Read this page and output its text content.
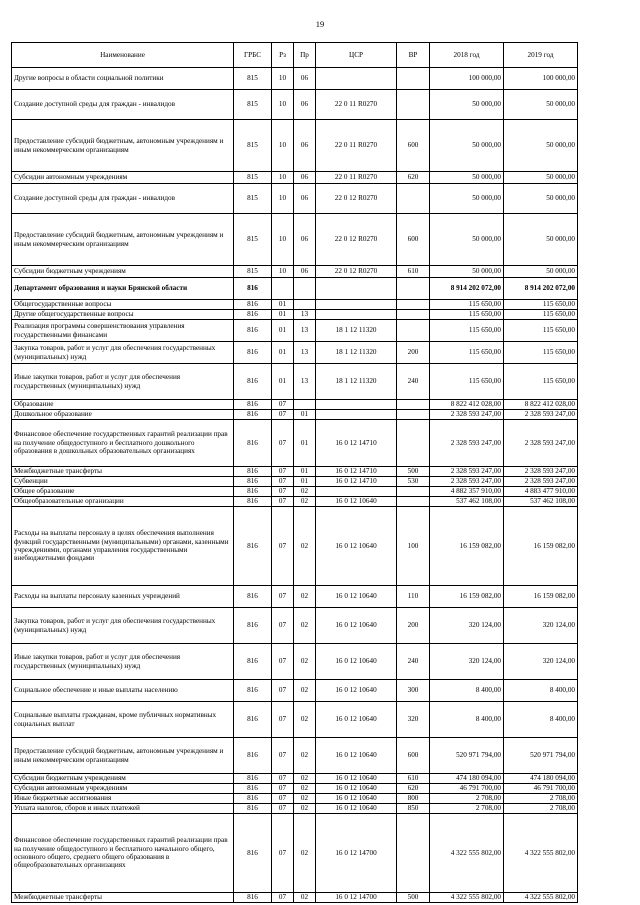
19
Наименование	ГРБС	Рз	Пр	ЦСР	ВР	2018 год	2019 год
Другие вопросы в области социальной политики	815	10	06			100 000,00	100 000,00
Создание доступной среды для граждан - инвалидов	815	10	06	22 0 11 R0270		50 000,00	50 000,00
Предоставление субсидий бюджетным, автономным учреждениям и иным некоммерческим организациям	815	10	06	22 0 11 R0270	600	50 000,00	50 000,00
Субсидии автономным учреждениям	815	10	06	22 0 11 R0270	620	50 000,00	50 000,00
Создание доступной среды для граждан - инвалидов	815	10	06	22 0 12 R0270		50 000,00	50 000,00
Предоставление субсидий бюджетным, автономным учреждениям и иным некоммерческим организациям	815	10	06	22 0 12 R0270	600	50 000,00	50 000,00
Субсидии бюджетным учреждениям	815	10	06	22 0 12 R0270	610	50 000,00	50 000,00
Департамент образования и науки Брянской области	816					8 914 202 072,00	8 914 202 072,00
Общегосударственные вопросы	816	01				115 650,00	115 650,00
Другие общегосударственные вопросы	816	01	13			115 650,00	115 650,00
Реализация программы совершенствования управления государственными финансами	816	01	13	18 1 12 11320		115 650,00	115 650,00
Закупка товаров, работ и услуг для обеспечения государственных (муниципальных) нужд	816	01	13	18 1 12 11320	200	115 650,00	115 650,00
Иные закупки товаров, работ и услуг для обеспечения государственных (муниципальных) нужд	816	01	13	18 1 12 11320	240	115 650,00	115 650,00
Образование	816	07				8 822 412 028,00	8 822 412 028,00
Дошкольное образование	816	07	01			2 328 593 247,00	2 328 593 247,00
Финансовое обеспечение государственных гарантий реализации прав на получение общедоступного и бесплатного дошкольного образования в дошкольных образовательных организациях	816	07	01	16 0 12 14710		2 328 593 247,00	2 328 593 247,00
Межбюджетные трансферты	816	07	01	16 0 12 14710	500	2 328 593 247,00	2 328 593 247,00
Субвенции	816	07	01	16 0 12 14710	530	2 328 593 247,00	2 328 593 247,00
Общее образование	816	07	02			4 882 357 910,00	4 883 477 910,00
Общеобразовательные организации	816	07	02	16 0 12 10640		537 462 108,00	537 462 108,00
Расходы на выплаты персоналу в целях обеспечения выполнения функций государственными (муниципальными) органами, казенными учреждениями, органами управления государственными внебюджетными фондами	816	07	02	16 0 12 10640	100	16 159 082,00	16 159 082,00
Расходы на выплаты персоналу казенных учреждений	816	07	02	16 0 12 10640	110	16 159 082,00	16 159 082,00
Закупка товаров, работ и услуг для обеспечения государственных (муниципальных) нужд	816	07	02	16 0 12 10640	200	320 124,00	320 124,00
Иные закупки товаров, работ и услуг для обеспечения государственных (муниципальных) нужд	816	07	02	16 0 12 10640	240	320 124,00	320 124,00
Социальное обеспечение и иные выплаты населению	816	07	02	16 0 12 10640	300	8 400,00	8 400,00
Социальные выплаты гражданам, кроме публичных нормативных социальных выплат	816	07	02	16 0 12 10640	320	8 400,00	8 400,00
Предоставление субсидий бюджетным, автономным учреждениям и иным некоммерческим организациям	816	07	02	16 0 12 10640	600	520 971 794,00	520 971 794,00
Субсидии бюджетным учреждениям	816	07	02	16 0 12 10640	610	474 180 094,00	474 180 094,00
Субсидии автономным учреждениям	816	07	02	16 0 12 10640	620	46 791 700,00	46 791 700,00
Иные бюджетные ассигнования	816	07	02	16 0 12 10640	800	2 708,00	2 708,00
Уплата налогов, сборов и иных платежей	816	07	02	16 0 12 10640	850	2 708,00	2 708,00
Финансовое обеспечение государственных гарантий реализации прав на получение общедоступного и бесплатного начального общего, основного общего, среднего общего образования в общеобразовательных организациях	816	07	02	16 0 12 14700		4 322 555 802,00	4 322 555 802,00
Межбюджетные трансферты	816	07	02	16 0 12 14700	500	4 322 555 802,00	4 322 555 802,00
